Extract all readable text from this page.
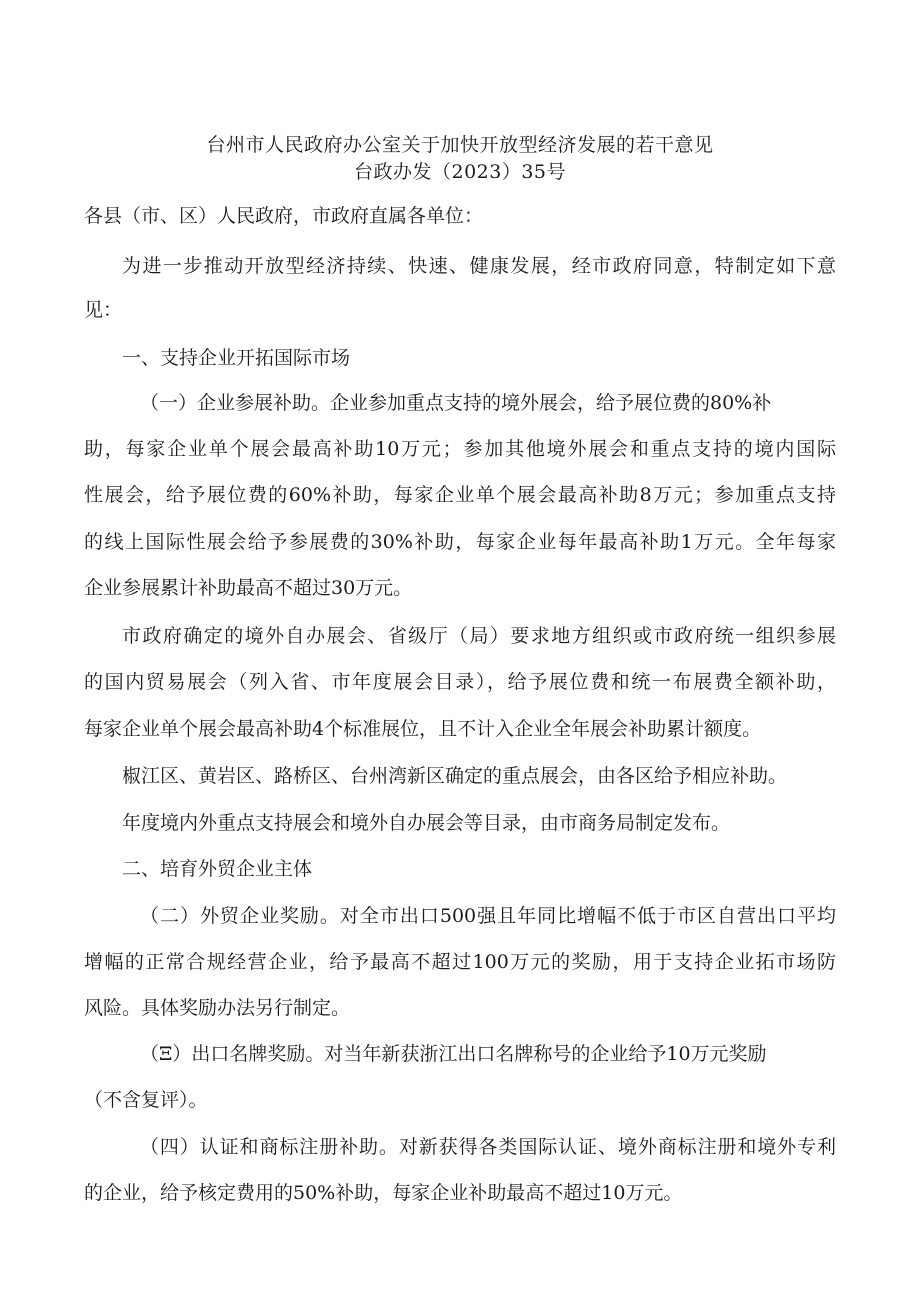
台州市人民政府办公室关于加快开放型经济发展的若干意见
台政办发（2023）35号
各县（市、区）人民政府，市政府直属各单位：
为进一步推动开放型经济持续、快速、健康发展，经市政府同意，特制定如下意
见：
一、支持企业开拓国际市场
（一）企业参展补助。企业参加重点支持的境外展会，给予展位费的80%补
助，每家企业单个展会最高补助10万元；参加其他境外展会和重点支持的境内国际
性展会，给予展位费的60%补助，每家企业单个展会最高补助8万元；参加重点支持
的线上国际性展会给予参展费的30%补助，每家企业每年最高补助1万元。全年每家
企业参展累计补助最高不超过30万元。
市政府确定的境外自办展会、省级厅（局）要求地方组织或市政府统一组织参展
的国内贸易展会（列入省、市年度展会目录），给予展位费和统一布展费全额补助，
每家企业单个展会最高补助4个标准展位，且不计入企业全年展会补助累计额度。
椒江区、黄岩区、路桥区、台州湾新区确定的重点展会，由各区给予相应补助。
年度境内外重点支持展会和境外自办展会等目录，由市商务局制定发布。
二、培育外贸企业主体
（二）外贸企业奖励。对全市出口500强且年同比增幅不低于市区自营出口平均
增幅的正常合规经营企业，给予最高不超过100万元的奖励，用于支持企业拓市场防
风险。具体奖励办法另行制定。
（Ξ）出口名牌奖励。对当年新获浙江出口名牌称号的企业给予10万元奖励
（不含复评）。
（四）认证和商标注册补助。对新获得各类国际认证、境外商标注册和境外专利
的企业，给予核定费用的50%补助，每家企业补助最高不超过10万元。
